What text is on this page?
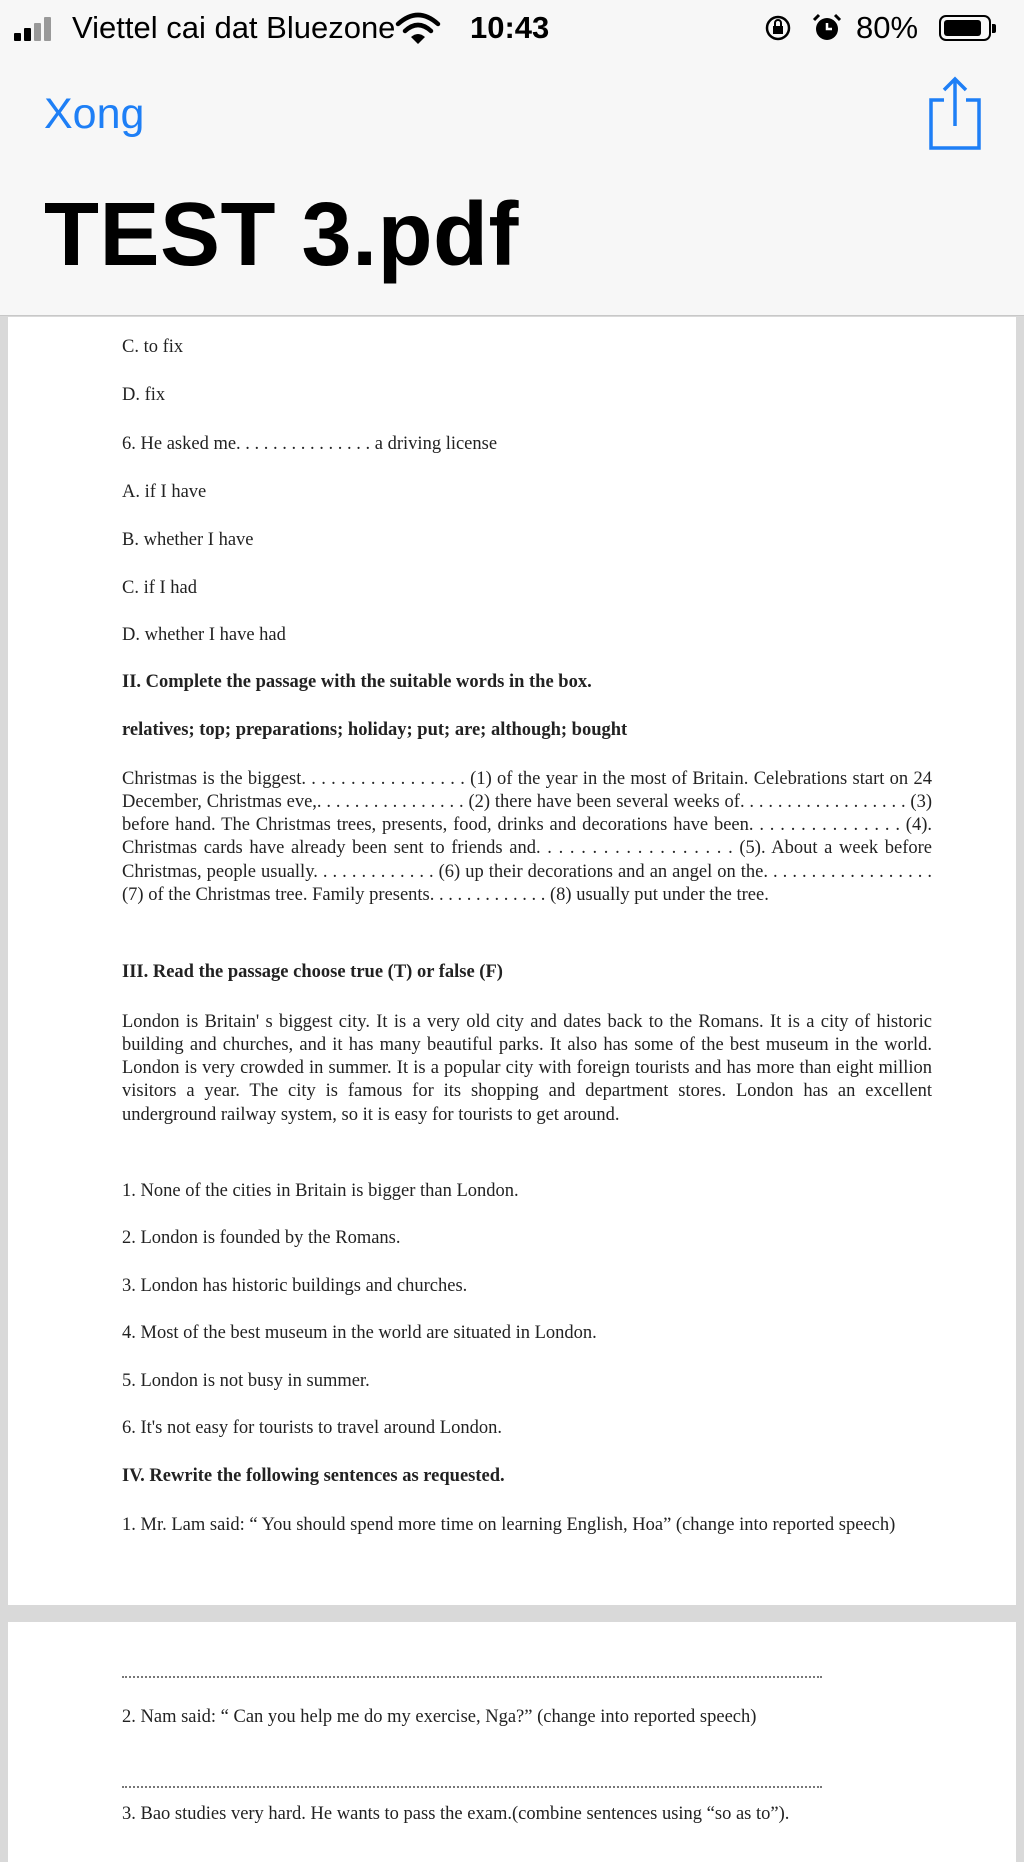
Viettel cai dat Bluezone 10:43	80%
Xong
TEST 3.pdf
C. to fix
D. fix
6. He asked me. . . . . . . . . . . . . . . a driving license
A. if I have
B. whether I have
C. if I had
D. whether I have had
II. Complete the passage with the suitable words in the box.
relatives; top; preparations; holiday; put; are; although; bought
Christmas is the biggest. . . . . . . . . . . . . . . . . (1) of the year in the most of Britain. Celebrations start on 24 December, Christmas eve,. . . . . . . . . . . . . . . . (2) there have been several weeks of. . . . . . . . . . . . . . . . . . (3) before hand. The Christmas trees, presents, food, drinks and decorations have been. . . . . . . . . . . . . . . (4). Christmas cards have already been sent to friends and. . . . . . . . . . . . . . . . . . (5). About a week before Christmas, people usually. . . . . . . . . . . . . (6) up their decorations and an angel on the. . . . . . . . . . . . . . . . . . (7) of the Christmas tree. Family presents. . . . . . . . . . . . . (8) usually put under the tree.
III. Read the passage choose true (T) or false (F)
London is Britain' s biggest city. It is a very old city and dates back to the Romans. It is a city of historic building and churches, and it has many beautiful parks. It also has some of the best museum in the world. London is very crowded in summer. It is a popular city with foreign tourists and has more than eight million visitors a year. The city is famous for its shopping and department stores. London has an excellent underground railway system, so it is easy for tourists to get around.
1. None of the cities in Britain is bigger than London.
2. London is founded by the Romans.
3. London has historic buildings and churches.
4. Most of the best museum in the world are situated in London.
5. London is not busy in summer.
6. It's not easy for tourists to travel around London.
IV. Rewrite the following sentences as requested.
1. Mr. Lam said: “ You should spend more time on learning English, Hoa” (change into reported speech)
2. Nam said: “ Can you help me do my exercise, Nga?” (change into reported speech)
3. Bao studies very hard. He wants to pass the exam.(combine sentences using “so as to”).
